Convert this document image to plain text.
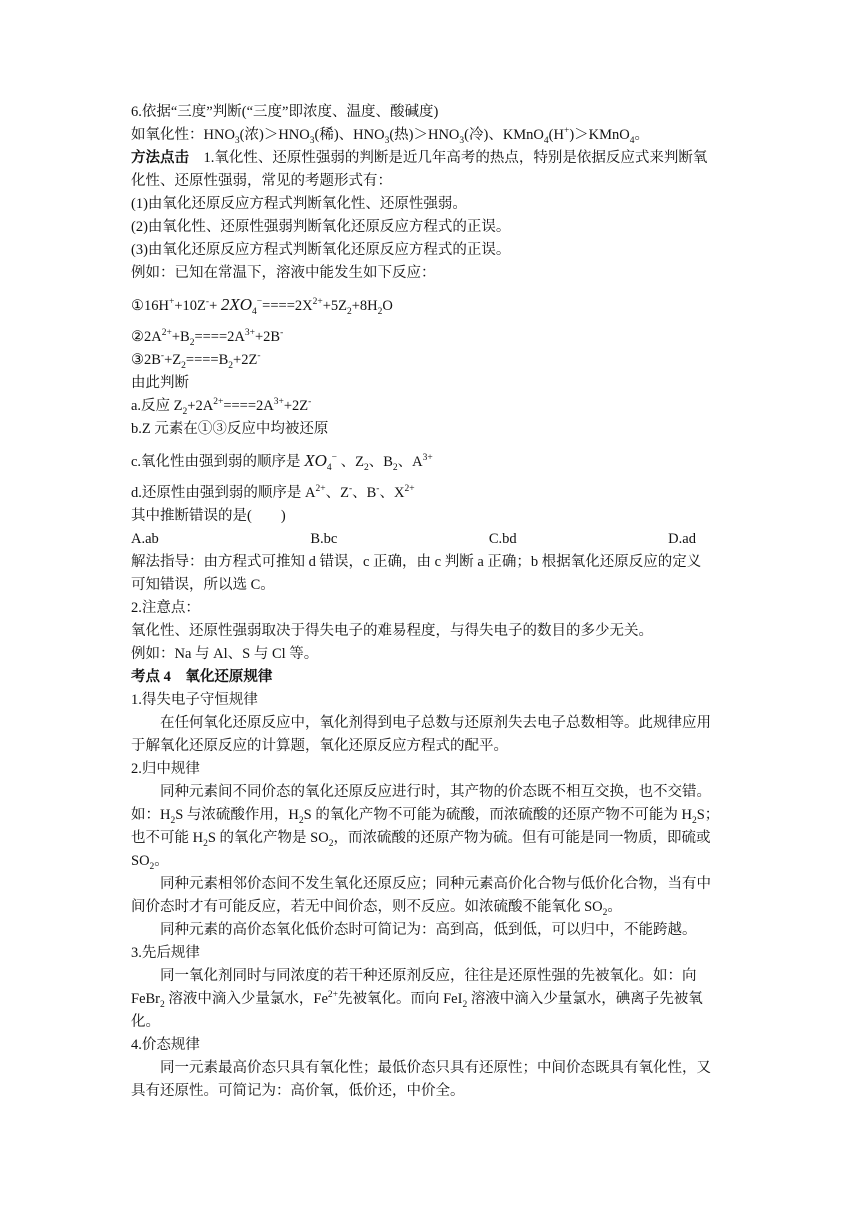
6.依据“三度”判断(“三度”即浓度、温度、酸碱度)
如氧化性：$HNO_3$(浓)$>HNO_3$(稀)、$HNO_3$(热)$>HNO_3$(冷)、KMnO$_4$(H+)＞KMnO$_4$。
方法点击　1.氧化性、还原性强弱的判断是近几年高考的热点，特别是依据反应式来判断氧
化性、还原性强弱，常见的考题形式有：
(1)由氧化还原反应方程式判断氧化性、还原性强弱。
(2)由氧化性、还原性强弱判断氧化还原反应方程式的正误。
(3)由氧化还原反应方程式判断氧化还原反应方程式的正误。
例如：已知在常温下，溶液中能发生如下反应：
①16H++10Z-+ $2XO_4^-====2X^{2+}+5Z_2+8H_2O$
$②2A^{2+}+B_2====2A^{3+}+2B^-$
$③2B^-+Z_2====B_2+2Z^-$
由此判断
a.反应 $Z_2+2A^{2+}====2A^{3+}+2Z^-$
b.Z 元素在①③反应中均被还原
c.氧化性由强到弱的顺序是 $XO_4^-$ 、$Z_2$、$B_2$、$A^{3+}$
d.还原性由强到弱的顺序是 $A^{2+}$、Z-、B-、$X^{2+}$
其中推断错误的是(　　)
A.ab	B.bc	C.bd	D.ad
解法指导：由方程式可推知 d 错误，c 正确，由 c 判断 a 正确；b 根据氧化还原反应的定义
可知错误，所以选 C。
2.注意点：
氧化性、还原性强弱取决于得失电子的难易程度，与得失电子的数目的多少无关。
例如：Na 与 Al、S 与 Cl 等。
考点 4　氧化还原规律
1.得失电子守恒规律
在任何氧化还原反应中，氧化剂得到电子总数与还原剂失去电子总数相等。此规律应用
于解氧化还原反应的计算题，氧化还原反应方程式的配平。
2.归中规律
同种元素间不同价态的氧化还原反应进行时，其产物的价态既不相互交换，也不交错。
如：$H_2S$ 与浓硫酸作用，$H_2S$ 的氧化产物不可能为硫酸，而浓硫酸的还原产物不可能为 $H_2S$；
也不可能 $H_2S$ 的氧化产物是 $SO_2$，而浓硫酸的还原产物为硫。但有可能是同一物质，即硫或
$SO_2$。
同种元素相邻价态间不发生氧化还原反应；同种元素高价化合物与低价化合物，当有中
间价态时才有可能反应，若无中间价态，则不反应。如浓硫酸不能氧化 $SO_2$。
同种元素的高价态氧化低价态时可简记为：高到高，低到低，可以归中，不能跨越。
3.先后规律
同一氧化剂同时与同浓度的若干种还原剂反应，往往是还原性强的先被氧化。如：向
FeBr$_2$ 溶液中滴入少量氯水，$Fe^{2+}$先被氧化。而向 FeI$_2$ 溶液中滴入少量氯水，碘离子先被氧
化。
4.价态规律
同一元素最高价态只具有氧化性；最低价态只具有还原性；中间价态既具有氧化性，又
具有还原性。可简记为：高价氧，低价还，中价全。
